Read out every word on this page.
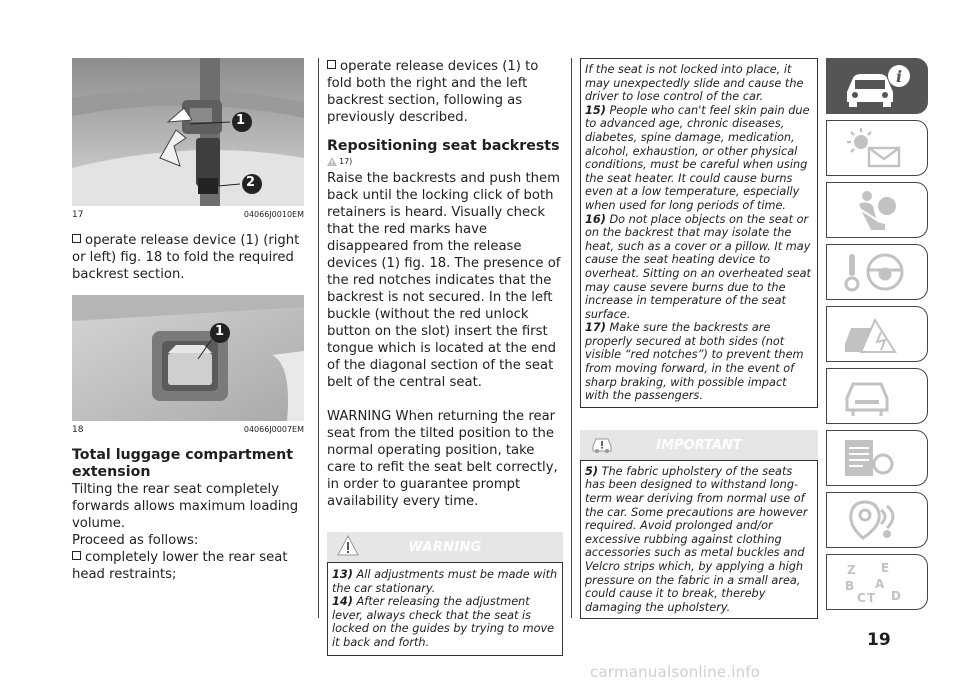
1
2
17	04066J0010EM

operate release device (1) (right or left) fig. 18 to fold the required backrest section.

1
18	04066J0007EM
Total luggage compartment extension

Tilting the rear seat completely forwards allows maximum loading volume.

Proceed as follows:

completely lower the rear seat head restraints;

operate release devices (1) to fold both the right and the left backrest section, following as previously described.

Repositioning seat backrests
17)

Raise the backrests and push them back until the locking click of both retainers is heard. Visually check that the red marks have disappeared from the release devices (1) fig. 18. The presence of the red notches indicates that the backrest is not secured. In the left buckle (without the red unlock button on the slot) insert the first tongue which is located at the end of the diagonal section of the seat belt of the central seat.

WARNING When returning the rear seat from the tilted position to the normal operating position, take care to refit the seat belt correctly, in order to guarantee prompt availability every time.

WARNING

13) All adjustments must be made with the car stationary.

14) After releasing the adjustment lever, always check that the seat is locked on the guides by trying to move it back and forth.

If the seat is not locked into place, it may unexpectedly slide and cause the driver to lose control of the car.

15) People who can't feel skin pain due to advanced age, chronic diseases, diabetes, spine damage, medication, alcohol, exhaustion, or other physical conditions, must be careful when using the seat heater. It could cause burns even at a low temperature, especially when used for long periods of time.

16) Do not place objects on the seat or on the backrest that may isolate the heat, such as a cover or a pillow. It may cause the seat heating device to overheat. Sitting on an overheated seat may cause severe burns due to the increase in temperature of the seat surface.

17) Make sure the backrests are properly secured at both sides (not visible “red notches”) to prevent them from moving forward, in the event of sharp braking, with possible impact with the passengers.

IMPORTANT

5) The fabric upholstery of the seats has been designed to withstand long-term wear deriving from normal use of the car. Some precautions are however required. Avoid prolonged and/or excessive rubbing against clothing accessories such as metal buckles and Velcro strips which, by applying a high pressure on the fabric in a small area, could cause it to break, thereby damaging the upholstery.

i
Z E
B A
C T D
19
carmanualsonline.info
